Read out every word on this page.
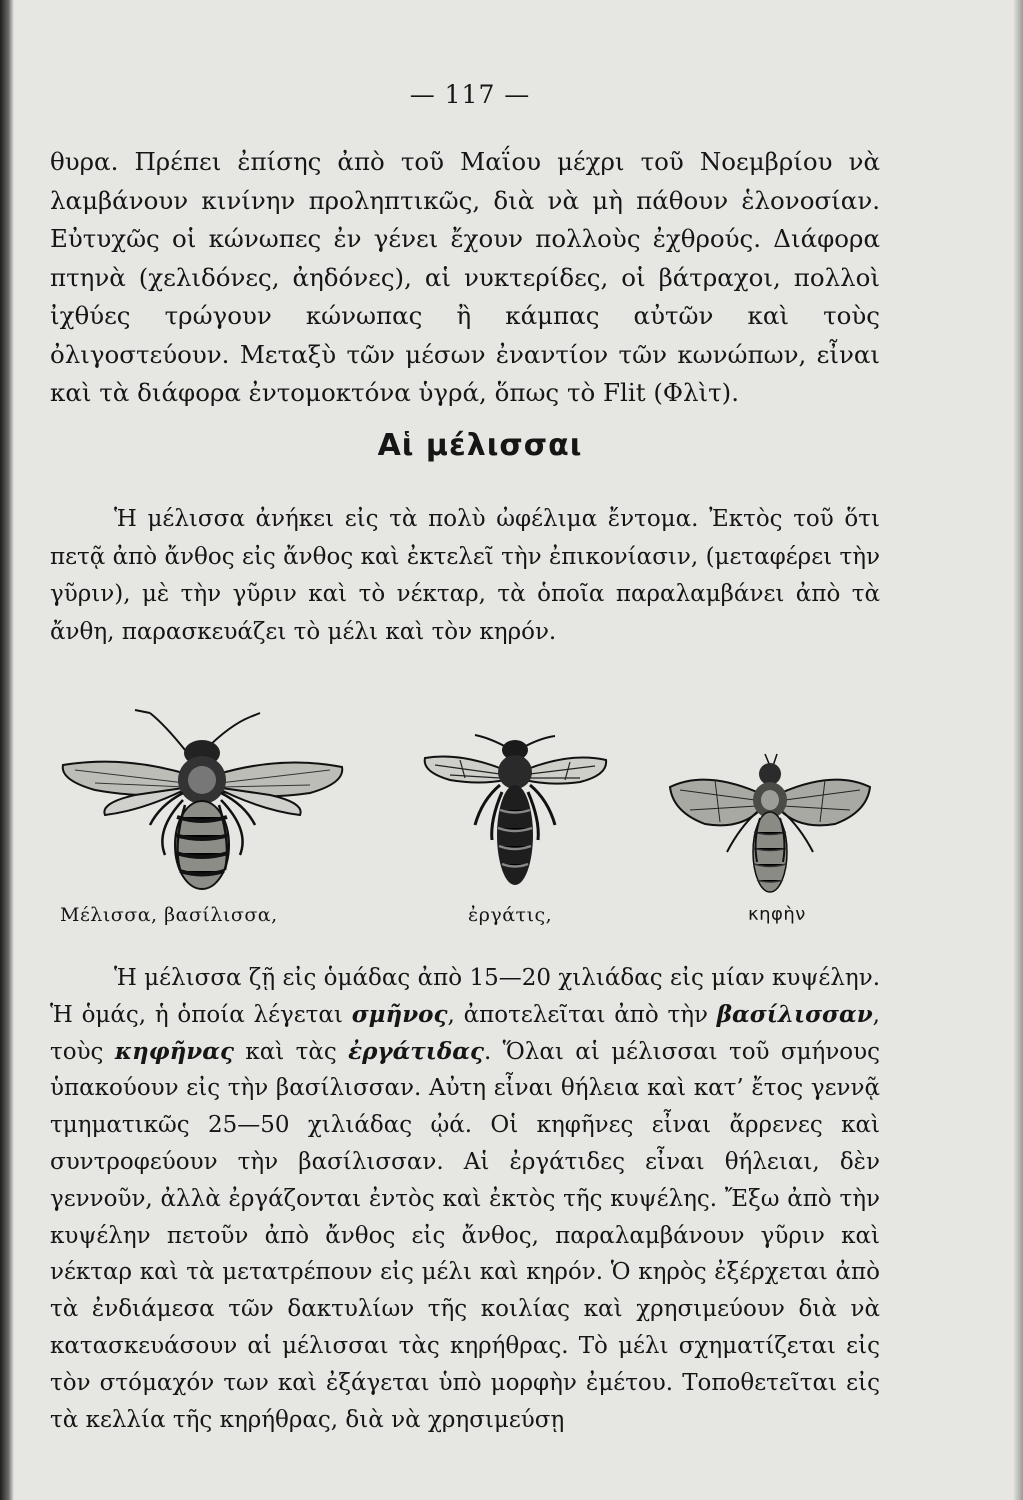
— 117 —

θυρα. Πρέπει ἐπίσης ἀπὸ τοῦ Μαΐου μέχρι τοῦ Νοεμβρίου νὰ λαμβάνουν κινίνην προληπτικῶς, διὰ νὰ μὴ πάθουν ἑλονοσίαν. Εὐτυχῶς οἱ κώνωπες ἐν γένει ἔχουν πολλοὺς ἐχθρούς. Διάφορα πτηνὰ (χελιδόνες, ἀηδόνες), αἱ νυκτερίδες, οἱ βάτραχοι, πολλοὶ ἰχθύες τρώγουν κώνωπας ἢ κάμπας αὐτῶν καὶ τοὺς ὀλιγοστεύουν. Μεταξὺ τῶν μέσων ἐναντίον τῶν κωνώπων, εἶναι καὶ τὰ διάφορα ἐντομοκτόνα ὑγρά, ὅπως τὸ Flit (Φλὶτ).

Αἱ μέλισσαι

Ἡ μέλισσα ἀνήκει εἰς τὰ πολὺ ὠφέλιμα ἔντομα. Ἐκτὸς τοῦ ὅτι πετᾷ ἀπὸ ἄνθος εἰς ἄνθος καὶ ἐκτελεῖ τὴν ἐπικονίασιν, (μεταφέρει τὴν γῦριν), μὲ τὴν γῦριν καὶ τὸ νέκταρ, τὰ ὁποῖα παραλαμβάνει ἀπὸ τὰ ἄνθη, παρασκευάζει τὸ μέλι καὶ τὸν κηρόν.

Μέλισσα, βασίλισσα,	ἐργάτις,	κηφὴν

Ἡ μέλισσα ζῇ εἰς ὁμάδας ἀπὸ 15—20 χιλιάδας εἰς μίαν κυψέλην. Ἡ ὁμάς, ἡ ὁποία λέγεται σμῆνος, ἀποτελεῖται ἀπὸ τὴν βασίλισσαν, τοὺς κηφῆνας καὶ τὰς ἐργάτιδας. Ὅλαι αἱ μέλισσαι τοῦ σμήνους ὑπακούουν εἰς τὴν βασίλισσαν. Αὐτη εἶναι θήλεια καὶ κατ’ ἔτος γεννᾷ τμηματικῶς 25—50 χιλιάδας ᾠά. Οἱ κηφῆνες εἶναι ἄρρενες καὶ συντροφεύουν τὴν βασίλισσαν. Αἱ ἐργάτιδες εἶναι θήλειαι, δὲν γεννοῦν, ἀλλὰ ἐργάζονται ἐντὸς καὶ ἐκτὸς τῆς κυψέλης. Ἔξω ἀπὸ τὴν κυψέλην πετοῦν ἀπὸ ἄνθος εἰς ἄνθος, παραλαμβάνουν γῦριν καὶ νέκταρ καὶ τὰ μετατρέπουν εἰς μέλι καὶ κηρόν. Ὁ κηρὸς ἐξέρχεται ἀπὸ τὰ ἐνδιάμεσα τῶν δακτυλίων τῆς κοιλίας καὶ χρησιμεύουν διὰ νὰ κατασκευάσουν αἱ μέλισσαι τὰς κηρήθρας. Τὸ μέλι σχηματίζεται εἰς τὸν στόμαχόν των καὶ ἐξάγεται ὑπὸ μορφὴν ἐμέτου. Τοποθετεῖται εἰς τὰ κελλία τῆς κηρήθρας, διὰ νὰ χρησιμεύσῃ
